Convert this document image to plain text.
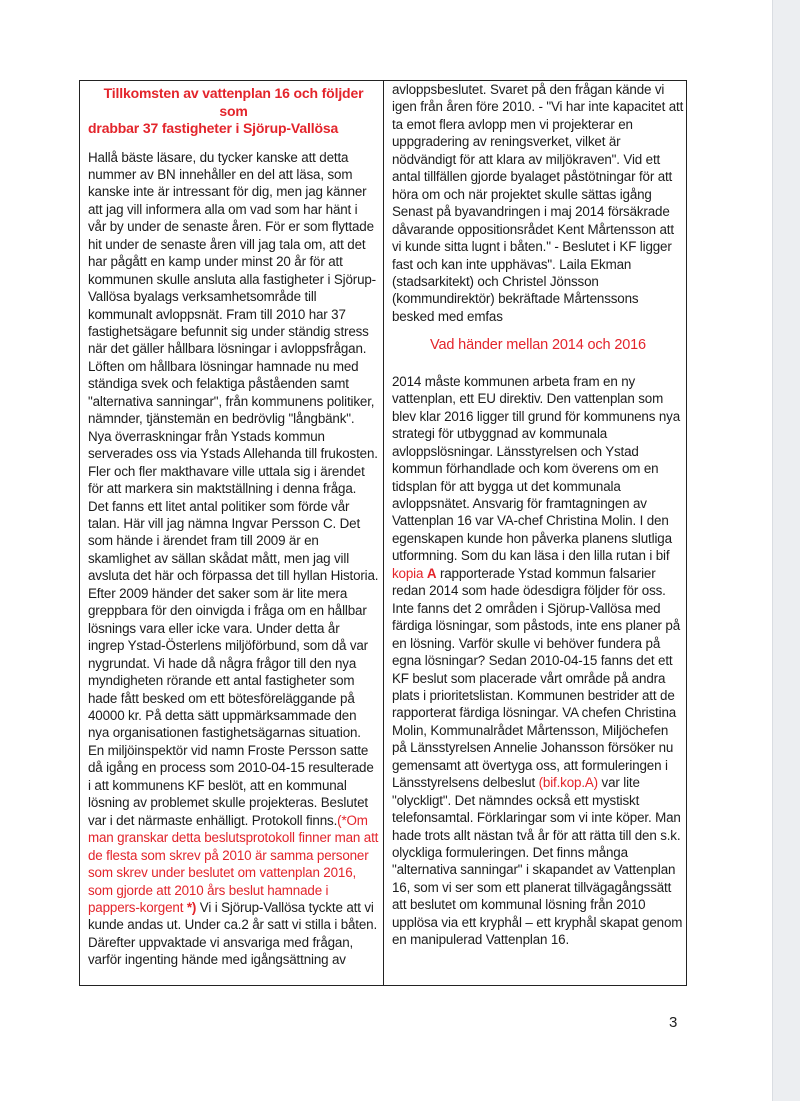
Tillkomsten av vattenplan 16 och följder som
drabbar 37 fastigheter i Sjörup-Vallösa

Hallå bäste läsare, du tycker kanske att detta nummer av BN innehåller en del att läsa, som kanske inte är intressant för dig, men jag känner att jag vill informera alla om vad som har hänt i vår by under de senaste åren. För er som flyttade hit under de senaste åren vill jag tala om, att det har pågått en kamp under minst 20 år för att kommunen skulle ansluta alla fastigheter i Sjörup-Vallösa byalags verksamhetsområde till kommunalt avloppsnät. Fram till 2010 har 37 fastighetsägare befunnit sig under ständig stress när det gäller hållbara lösningar i avloppsfrågan. Löften om hållbara lösningar hamnade nu med ständiga svek och felaktiga påståenden samt "alternativa sanningar", från kommunens politiker, nämnder, tjänstemän en bedrövlig "långbänk". Nya överraskningar från Ystads kommun serverades oss via Ystads Allehanda till frukosten. Fler och fler makthavare ville uttala sig i ärendet för att markera sin maktställning i denna fråga. Det fanns ett litet antal politiker som förde vår talan. Här vill jag nämna Ingvar Persson C. Det som hände i ärendet fram till 2009 är en skamlighet av sällan skådat mått, men jag vill avsluta det här och förpassa det till hyllan Historia. Efter 2009 händer det saker som är lite mera greppbara för den oinvigda i fråga om en hållbar lösnings vara eller icke vara. Under detta år ingrep Ystad-Österlens miljöförbund, som då var nygrundat. Vi hade då några frågor till den nya myndigheten rörande ett antal fastigheter som hade fått besked om ett bötesföreläggande på 40000 kr. På detta sätt uppmärksammade den nya organisationen fastighetsägarnas situation. En miljöinspektör vid namn Froste Persson satte då igång en process som 2010-04-15 resulterade i att kommunens KF beslöt, att en kommunal lösning av problemet skulle projekteras. Beslutet var i det närmaste enhälligt. Protokoll finns.(*Om man granskar detta beslutsprotokoll finner man att de flesta som skrev på 2010 är samma personer som skrev under beslutet om vattenplan 2016, som gjorde att 2010 års beslut hamnade i pappers-korgent *) Vi i Sjörup-Vallösa tyckte att vi kunde andas ut. Under ca.2 år satt vi stilla i båten. Därefter uppvaktade vi ansvariga med frågan, varför ingenting hände med igångsättning av

avloppsbeslutet. Svaret på den frågan kände vi igen från åren före 2010. - "Vi har inte kapacitet att ta emot flera avlopp men vi projekterar en uppgradering av reningsverket, vilket är nödvändigt för att klara av miljökraven". Vid ett antal tillfällen gjorde byalaget påstötningar för att höra om och när projektet skulle sättas igång Senast på byavandringen i maj 2014 försäkrade dåvarande oppositionsrådet Kent Mårtensson att vi kunde sitta lugnt i båten." - Beslutet i KF ligger fast och kan inte upphävas". Laila Ekman (stadsarkitekt) och Christel Jönsson (kommundirektör) bekräftade Mårtenssons besked med emfas

Vad händer mellan 2014 och 2016

2014 måste kommunen arbeta fram en ny vattenplan, ett EU direktiv. Den vattenplan som blev klar 2016 ligger till grund för kommunens nya strategi för utbyggnad av kommunala avloppslösningar. Länsstyrelsen och Ystad kommun förhandlade och kom överens om en tidsplan för att bygga ut det kommunala avloppsnätet. Ansvarig för framtagningen av Vattenplan 16 var VA-chef Christina Molin. I den egenskapen kunde hon påverka planens slutliga utformning. Som du kan läsa i den lilla rutan i bif kopia A rapporterade Ystad kommun falsarier redan 2014 som hade ödesdigra följder för oss. Inte fanns det 2 områden i Sjörup-Vallösa med färdiga lösningar, som påstods, inte ens planer på en lösning. Varför skulle vi behöver fundera på egna lösningar? Sedan 2010-04-15 fanns det ett KF beslut som placerade vårt område på andra plats i prioritetslistan. Kommunen bestrider att de rapporterat färdiga lösningar. VA chefen Christina Molin, Kommunalrådet Mårtensson, Miljöchefen på Länsstyrelsen Annelie Johansson försöker nu gemensamt att övertyga oss, att formuleringen i Länsstyrelsens delbeslut (bif.kop.A) var lite "olyckligt". Det nämndes också ett mystiskt telefonsamtal. Förklaringar som vi inte köper. Man hade trots allt nästan två år för att rätta till den s.k. olyckliga formuleringen. Det finns många "alternativa sanningar" i skapandet av Vattenplan 16, som vi ser som ett planerat tillvägagångssätt att beslutet om kommunal lösning från 2010 upplösa via ett kryphål – ett kryphål skapat genom en manipulerad Vattenplan 16.

3
